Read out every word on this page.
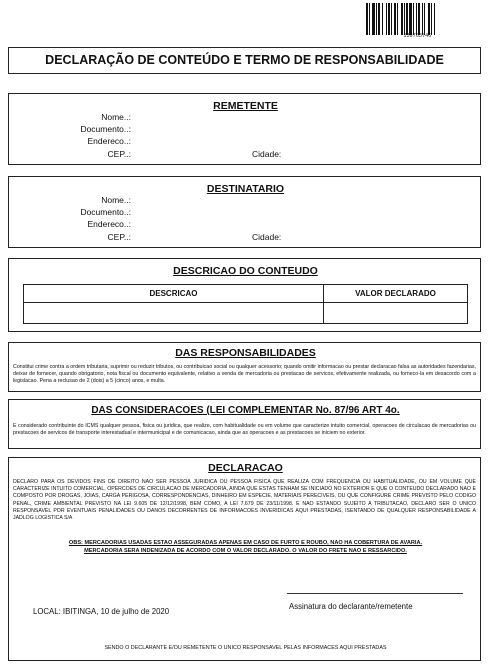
139763746
DECLARAÇÃO DE CONTEÚDO E TERMO DE RESPONSABILIDADE
REMETENTE
Nome..:
Documento..:
Endereco..:
CEP..:	Cidade:
DESTINATARIO
Nome..:
Documento..:
Endereco..:
CEP..:	Cidade:
DESCRICAO DO CONTEUDO
DESCRICAO	VALOR DECLARADO

DAS RESPONSABILIDADES
Constitui crime contra a ordem tributaria, suprimir ou reduzir tributos, ou contribuicao social ou qualquer acessorio; quando omitir informacao ou prestar declaracao falsa as autoridades fazendarias, deixar de fornecer, quando obrigatorio, nota fiscal ou documento equivalente, relativo a venda de mercadoria ou prestacao de servicos, efetivamente realizada, ou forneco-la em desacordo com a legislacao. Pena a reclusao de 2 (dois) a 5 (cinco) anos, e multa.
DAS CONSIDERACOES (LEI COMPLEMENTAR No. 87/96 ART 4o.
E considerado contribuinte do ICMS qualquer pessoa, fisica ou juridica, que realize, com habitualidade ou em volume que caracterize intuito comercial, operacoes de circulacao de mercadorias ou prestacoes de servicos de transporte interestadual e intermunicipal e de comunicacao, ainda que as operacoes e as prestacoes se iniciem no exterior.
DECLARACAO
DECLARO PARA OS DEVIDOS FINS DE DIREITO NAO SER PESSOA JURIDICA OU PESSOA FISICA QUE REALIZA COM FREQUENCIA OU HABITUALIDADE, OU EM VOLUME QUE CARACTERIZE INTUITO COMERCIAL, OPERCOES DE CIRCULACAO DE MERCADORIA, AINDA QUE ESTAS TENHAM SE INICIADO NO EXTERIOR E QUE O CONTEUDO DECLARADO NAO E COMPOSTO POR DROGAS, JOIAS, CARGA PERIGOSA, CORRESPONDENCIAS, DINHEIRO EM ESPECIE, MATERIAIS PERECIVEIS, OU QUE CONFIGURE CRIME PREVISTO PELO CODIGO PENAL, CRIME AMBIENTAL PREVISTO NA LEI 9.605 DE 12/12/1998, BEM COMO, A LEI 7.679 DE 23/11/1998. E NAO ESTANDO SUJEITO A TRIBUTACAO, DECLARO SER O UNICO RESPONSAVEL POR EVENTUAIS PENALIDADES OU DANOS DECORRENTES DE INFORMACOES INVERIDICAS AQUI PRESTADAS, ISENTANDO DE QUALQUER RESPONSABILIDADE A JADLOG LOGISTICA S/A
OBS: MERCADORIAS USADAS ESTAO ASSEGURADAS APENAS EM CASO DE FURTO E ROUBO, NAO HA COBERTURA DE AVARIA.
MERCADORIA SERA INDENIZADA DE ACORDO COM O VALOR DECLARADO. O VALOR DO FRETE NAO E RESSARCIDO.
LOCAL: IBITINGA, 10 de julho de 2020
Assinatura do declarante/remetente
SENDO O DECLARANTE E/OU REMETENTE O UNICO RESPONSAVEL PELAS INFORMACES AQUI PRESTADAS
